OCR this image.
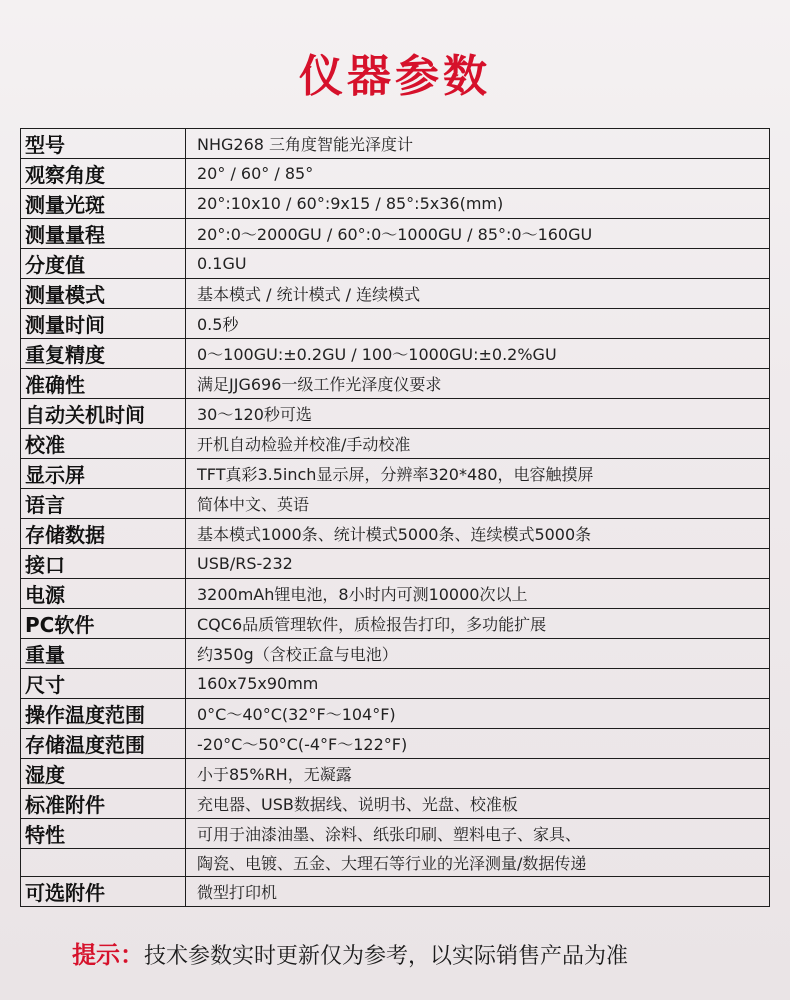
仪器参数
型号	NHG268 三角度智能光泽度计
观察角度	20° / 60° / 85°
测量光斑	20°:10x10 / 60°:9x15 / 85°:5x36(mm)
测量量程	20°:0～2000GU / 60°:0～1000GU / 85°:0～160GU
分度值	0.1GU
测量模式	基本模式 / 统计模式 / 连续模式
测量时间	0.5秒
重复精度	0～100GU:±0.2GU / 100～1000GU:±0.2%GU
准确性	满足JJG696一级工作光泽度仪要求
自动关机时间	30～120秒可选
校准	开机自动检验并校准/手动校准
显示屏	TFT真彩3.5inch显示屏，分辨率320*480，电容触摸屏
语言	简体中文、英语
存储数据	基本模式1000条、统计模式5000条、连续模式5000条
接口	USB/RS-232
电源	3200mAh锂电池，8小时内可测10000次以上
PC软件	CQC6品质管理软件，质检报告打印，多功能扩展
重量	约350g（含校正盒与电池）
尺寸	160x75x90mm
操作温度范围	0°C～40°C(32°F～104°F)
存储温度范围	-20°C～50°C(-4°F～122°F)
湿度	小于85%RH，无凝露
标准附件	充电器、USB数据线、说明书、光盘、校准板
特性	可用于油漆油墨、涂料、纸张印刷、塑料电子、家具、
	陶瓷、电镀、五金、大理石等行业的光泽测量/数据传递
可选附件	微型打印机
提示：技术参数实时更新仅为参考，以实际销售产品为准
